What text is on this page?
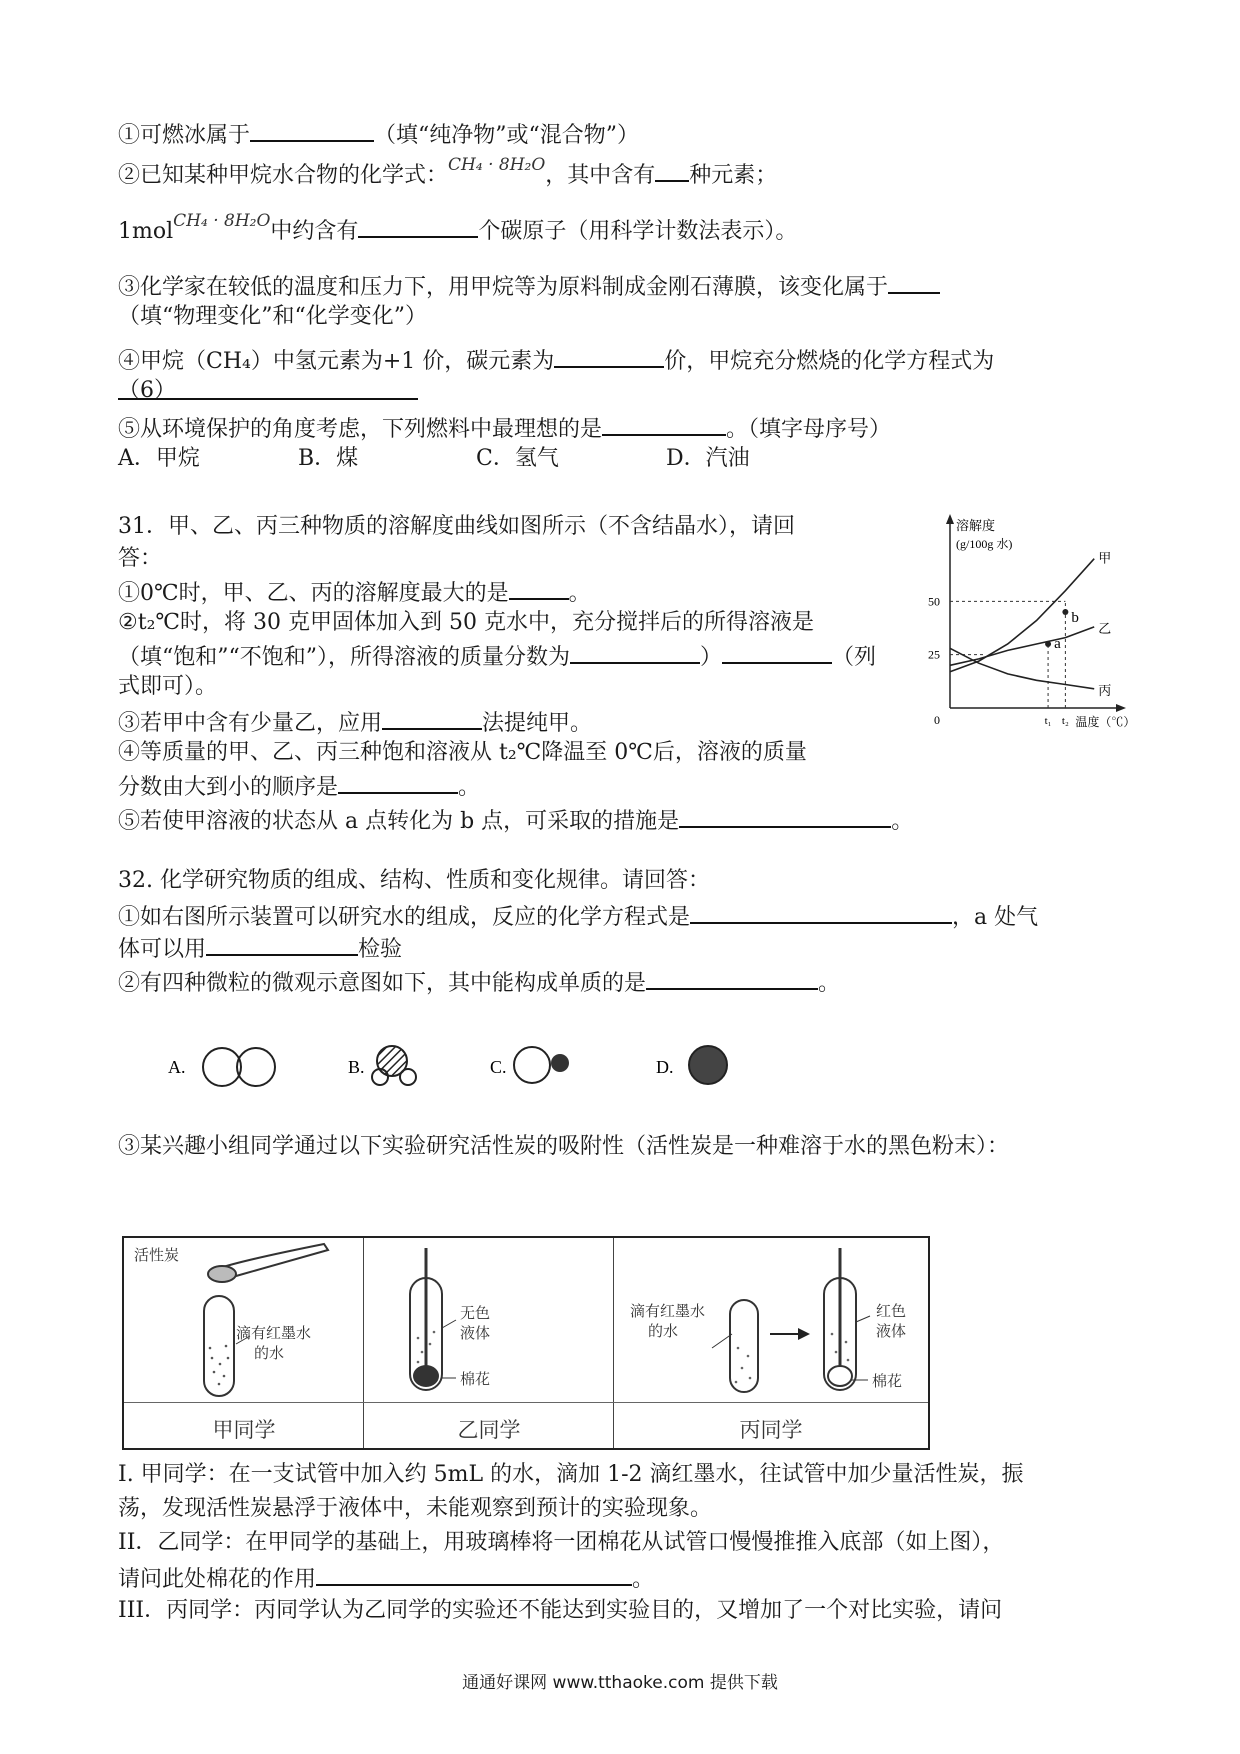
①可燃冰属于	（填“纯净物”或“混合物”）
②已知某种甲烷水合物的化学式：$^{CH_4 \cdot 8H_2O}$，其中含有 种元素；
1mol$^{CH_4 \cdot 8H_2O}$中约含有	个碳原子（用科学计数法表示）。
③化学家在较低的温度和压力下，用甲烷等为原料制成金刚石薄膜，该变化属于
（填“物理变化”和“化学变化”）
④甲烷（CH₄）中氢元素为+1 价，碳元素为	价，甲烷充分燃烧的化学方程式为
（6）
⑤从环境保护的角度考虑，下列燃料中最理想的是	。（填字母序号）
A．甲烷	B．煤	C．氢气	D．汽油
31．甲、乙、丙三种物质的溶解度曲线如图所示（不含结晶水），请回
答：
①0℃时，甲、乙、丙的溶解度最大的是	。
②t₂℃时，将 30 克甲固体加入到 50 克水中，充分搅拌后的所得溶液是
（填“饱和”“不饱和”），所得溶液的质量分数为	）	（列
式即可）。
③若甲中含有少量乙，应用	法提纯甲。
④等质量的甲、乙、丙三种饱和溶液从 t₂℃降温至 0℃后，溶液的质量
分数由大到小的顺序是	。
⑤若使甲溶液的状态从 a 点转化为 b 点，可采取的措施是	。
溶解度
(g/100g 水)
温度（℃）
0
25
50
t₁ t₂
甲
乙
丙
a
b
32. 化学研究物质的组成、结构、性质和变化规律。请回答：
①如右图所示装置可以研究水的组成，反应的化学方程式是	，a 处气
体可以用	检验
②有四种微粒的微观示意图如下，其中能构成单质的是	。
A.	B.	C.	D.
③某兴趣小组同学通过以下实验研究活性炭的吸附性（活性炭是一种难溶于水的黑色粉末）：
甲同学	乙同学	丙同学
活性炭
滴有红墨水
的水
无色
液体
棉花
滴有红墨水
的水
红色
液体
棉花
I. 甲同学：在一支试管中加入约 5mL 的水，滴加 1-2 滴红墨水，往试管中加少量活性炭，振
荡，发现活性炭悬浮于液体中，未能观察到预计的实验现象。
II．乙同学：在甲同学的基础上，用玻璃棒将一团棉花从试管口慢慢推推入底部（如上图），
请问此处棉花的作用	。
III．丙同学：丙同学认为乙同学的实验还不能达到实验目的，又增加了一个对比实验，请问
通通好课网 www.tthaoke.com 提供下载
